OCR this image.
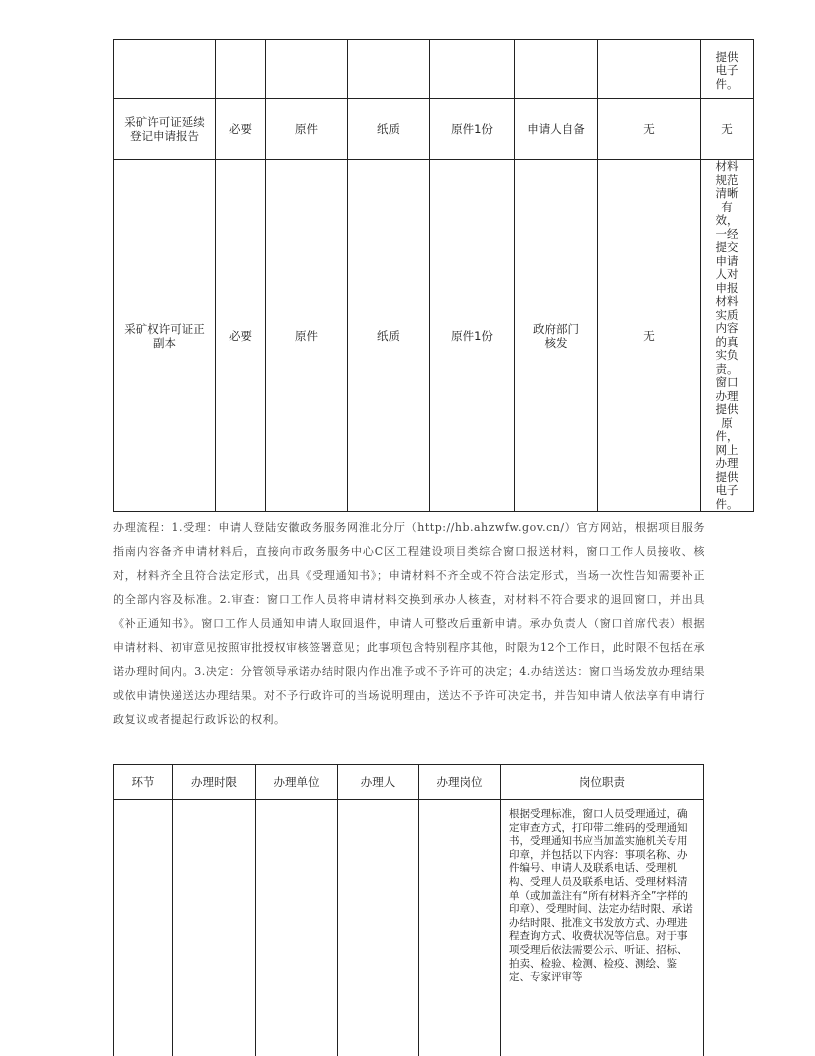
							提供电子件。

采矿许可证延续登记申请报告	必要	原件	纸质	原件1份	申请人自备	无	无

采矿权许可证正副本	必要	原件	纸质	原件1份	政府部门核发	无	材料规范清晰有效，一经提交申请人对申报材料实质内容的真实负责。窗口办理提供原件，网上办理提供电子件。
办理流程：1.受理：申请人登陆安徽政务服务网淮北分厅（http://hb.ahzwfw.gov.cn/）官方网站，根据项目服务指南内容备齐申请材料后，直接向市政务服务中心C区工程建设项目类综合窗口报送材料，窗口工作人员接收、核对，材料齐全且符合法定形式，出具《受理通知书》；申请材料不齐全或不符合法定形式，当场一次性告知需要补正的全部内容及标准。2.审查：窗口工作人员将申请材料交换到承办人核查，对材料不符合要求的退回窗口，并出具《补正通知书》。窗口工作人员通知申请人取回退件，申请人可整改后重新申请。承办负责人（窗口首席代表）根据申请材料、初审意见按照审批授权审核签署意见；此事项包含特别程序其他，时限为12个工作日，此时限不包括在承诺办理时间内。3.决定：分管领导承诺办结时限内作出准予或不予许可的决定；4.办结送达：窗口当场发放办理结果或依申请快递送达办理结果。对不予行政许可的当场说明理由，送达不予许可决定书，并告知申请人依法享有申请行政复议或者提起行政诉讼的权利。
环节	办理时限	办理单位	办理人	办理岗位	岗位职责
					根据受理标准，窗口人员受理通过，确定审查方式，打印带二维码的受理通知书，受理通知书应当加盖实施机关专用印章，并包括以下内容：事项名称、办件编号、申请人及联系电话、受理机构、受理人员及联系电话、受理材料清单（或加盖注有“所有材料齐全”字样的印章）、受理时间、法定办结时限、承诺办结时限、批准文书发放方式、办理进程查询方式、收费状况等信息。对于事项受理后依法需要公示、听证、招标、拍卖、检验、检测、检疫、测绘、鉴定、专家评审等
